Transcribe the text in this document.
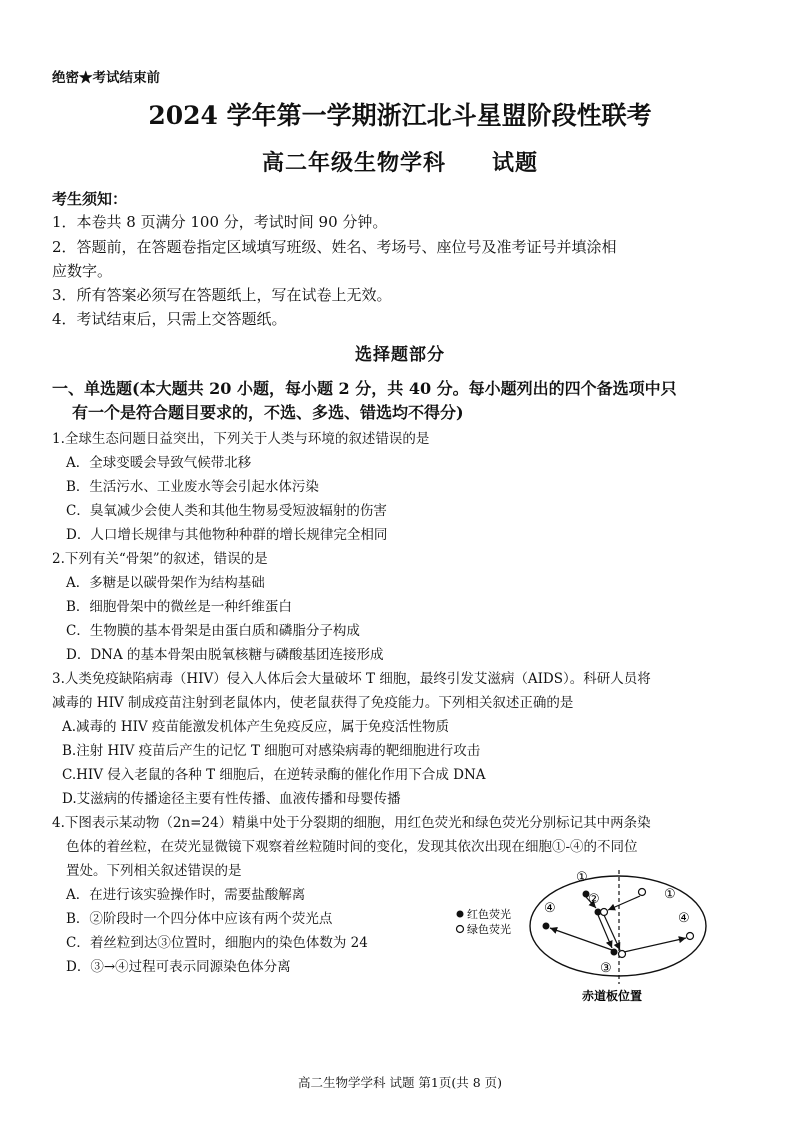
绝密★考试结束前
2024 学年第一学期浙江北斗星盟阶段性联考
高二年级生物学科　　试题
考生须知：
1．本卷共 8 页满分 100 分，考试时间 90 分钟。
2．答题前，在答题卷指定区域填写班级、姓名、考场号、座位号及准考证号并填涂相
应数字。
3．所有答案必须写在答题纸上，写在试卷上无效。
4．考试结束后，只需上交答题纸。
选择题部分
一、单选题(本大题共 20 小题，每小题 2 分，共 40 分。每小题列出的四个备选项中只
有一个是符合题目要求的，不选、多选、错选均不得分)
1.全球生态问题日益突出，下列关于人类与环境的叙述错误的是
A．全球变暖会导致气候带北移
B．生活污水、工业废水等会引起水体污染
C．臭氧减少会使人类和其他生物易受短波辐射的伤害
D．人口增长规律与其他物种种群的增长规律完全相同
2.下列有关“骨架”的叙述，错误的是
A．多糖是以碳骨架作为结构基础
B．细胞骨架中的微丝是一种纤维蛋白
C．生物膜的基本骨架是由蛋白质和磷脂分子构成
D．DNA 的基本骨架由脱氧核糖与磷酸基团连接形成
3.人类免疫缺陷病毒（HIV）侵入人体后会大量破坏 T 细胞，最终引发艾滋病（AIDS）。科研人员将
减毒的 HIV 制成疫苗注射到老鼠体内，使老鼠获得了免疫能力。下列相关叙述正确的是
A.减毒的 HIV 疫苗能激发机体产生免疫反应，属于免疫活性物质
B.注射 HIV 疫苗后产生的记忆 T 细胞可对感染病毒的靶细胞进行攻击
C.HIV 侵入老鼠的各种 T 细胞后，在逆转录酶的催化作用下合成 DNA
D.艾滋病的传播途径主要有性传播、血液传播和母婴传播
4.下图表示某动物（2n=24）精巢中处于分裂期的细胞，用红色荧光和绿色荧光分别标记其中两条染
色体的着丝粒，在荧光显微镜下观察着丝粒随时间的变化，发现其依次出现在细胞①-④的不同位
置处。下列相关叙述错误的是
A．在进行该实验操作时，需要盐酸解离
B．②阶段时一个四分体中应该有两个荧光点
C．着丝粒到达③位置时，细胞内的染色体数为 24
D．③→④过程可表示同源染色体分离
红色荧光
绿色荧光
①
①
②
③
④
④
赤道板位置
高二生物学学科 试题 第1页(共 8 页)
